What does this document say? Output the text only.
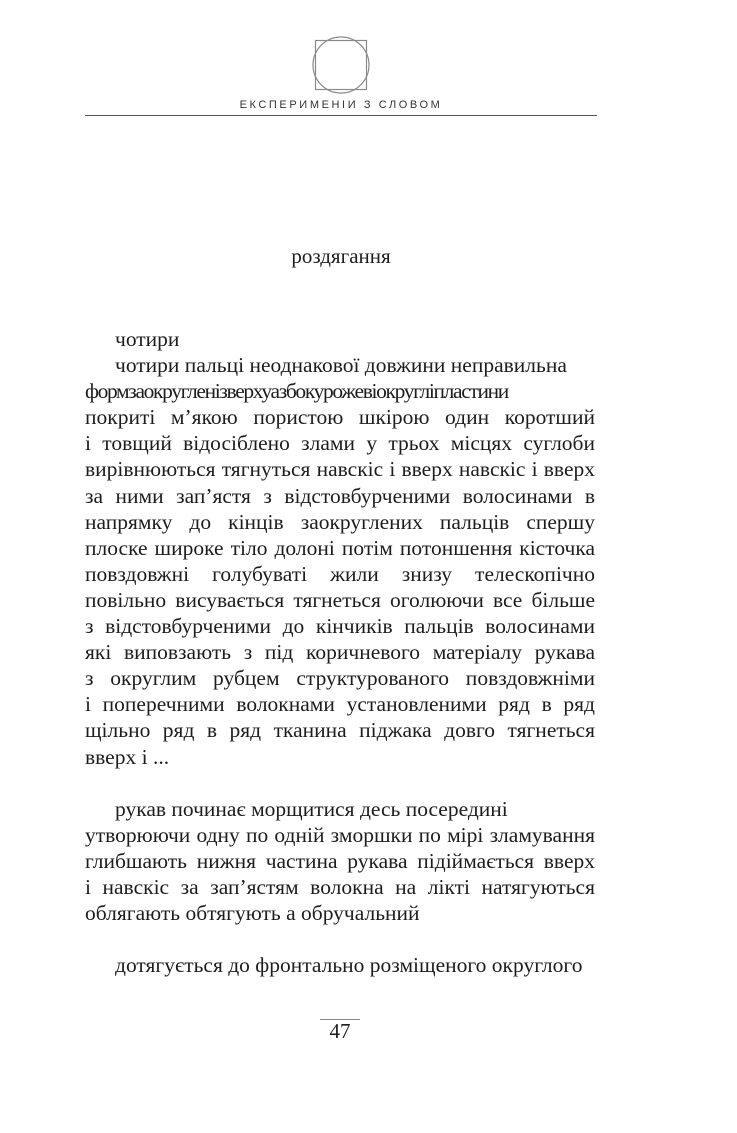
ЕКСПЕРИМЕНІИ З СЛОВОМ
роздягання
чотири
чотири пальці неоднакової довжини неправильна
формзаокругленізверхуазбокурожевіокругліпластини
покриті м’якою пористою шкірою один коротший
і товщий відосіблено злами у трьох місцях суглоби
вирівнюються тягнуться навскіс і вверх навскіс і вверх
за ними зап’ястя з відстовбурченими волосинами в
напрямку до кінців заокруглених пальців спершу
плоске широке тіло долоні потім потоншення кісточка
повздовжні голубуваті жили знизу телескопічно
повільно висувається тягнеться оголюючи все більше
з відстовбурченими до кінчиків пальців волосинами
які виповзають з під коричневого матеріалу рукава
з округлим рубцем структурованого повздовжніми
і поперечними волокнами установленими ряд в ряд
щільно ряд в ряд тканина піджака довго тягнеться
вверх і ...
рукав починає морщитися десь посередині
утворюючи одну по одній зморшки по мірі зламування
глибшають нижня частина рукава підіймається вверх
і навскіс за зап’ястям волокна на лікті натягуються
облягають обтягують а обручальний
дотягується до фронтально розміщеного округлого
47
